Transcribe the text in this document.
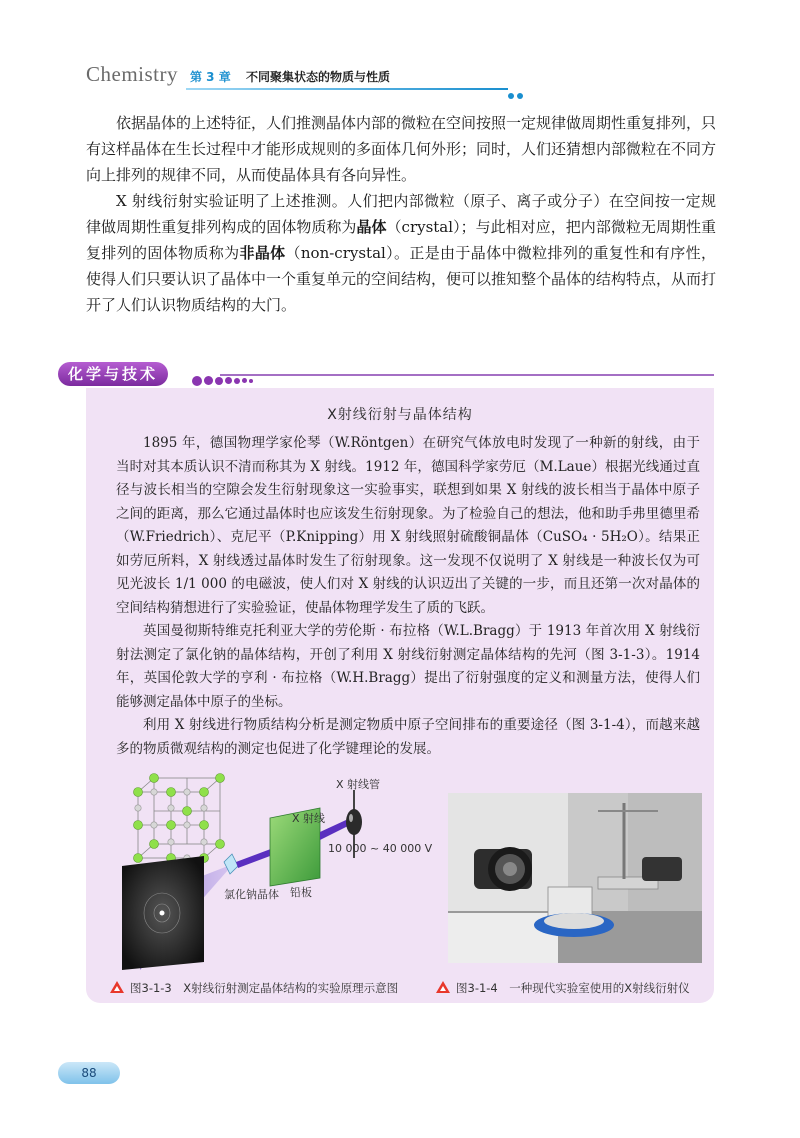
Chemistry 第 3 章 不同聚集状态的物质与性质

依据晶体的上述特征，人们推测晶体内部的微粒在空间按照一定规律做周期性重复排列，只有这样晶体在生长过程中才能形成规则的多面体几何外形；同时，人们还猜想内部微粒在不同方向上排列的规律不同，从而使晶体具有各向异性。

X 射线衍射实验证明了上述推测。人们把内部微粒（原子、离子或分子）在空间按一定规律做周期性重复排列构成的固体物质称为晶体（crystal）；与此相对应，把内部微粒无周期性重复排列的固体物质称为非晶体（non-crystal）。正是由于晶体中微粒排列的重复性和有序性，使得人们只要认识了晶体中一个重复单元的空间结构，便可以推知整个晶体的结构特点，从而打开了人们认识物质结构的大门。

化学与技术
X射线衍射与晶体结构

1895 年，德国物理学家伦琴（W.Röntgen）在研究气体放电时发现了一种新的射线，由于当时对其本质认识不清而称其为 X 射线。1912 年，德国科学家劳厄（M.Laue）根据光线通过直径与波长相当的空隙会发生衍射现象这一实验事实，联想到如果 X 射线的波长相当于晶体中原子之间的距离，那么它通过晶体时也应该发生衍射现象。为了检验自己的想法，他和助手弗里德里希（W.Friedrich）、克尼平（P.Knipping）用 X 射线照射硫酸铜晶体（CuSO₄ · 5H₂O）。结果正如劳厄所料，X 射线透过晶体时发生了衍射现象。这一发现不仅说明了 X 射线是一种波长仅为可见光波长 1/1 000 的电磁波，使人们对 X 射线的认识迈出了关键的一步，而且还第一次对晶体的空间结构猜想进行了实验验证，使晶体物理学发生了质的飞跃。

英国曼彻斯特维克托利亚大学的劳伦斯 · 布拉格（W.L.Bragg）于 1913 年首次用 X 射线衍射法测定了氯化钠的晶体结构，开创了利用 X 射线衍射测定晶体结构的先河（图 3-1-3）。1914 年，英国伦敦大学的亨利 · 布拉格（W.H.Bragg）提出了衍射强度的定义和测量方法，使得人们能够测定晶体中原子的坐标。

利用 X 射线进行物质结构分析是测定物质中原子空间排布的重要途径（图 3-1-4），而越来越多的物质微观结构的测定也促进了化学键理论的发展。

X 射线管
X 射线
10 000 ~ 40 000 V
氯化钠晶体 铅板
图3-1-3　X射线衍射测定晶体结构的实验原理示意图	图3-1-4　一种现代实验室使用的X射线衍射仪
88
